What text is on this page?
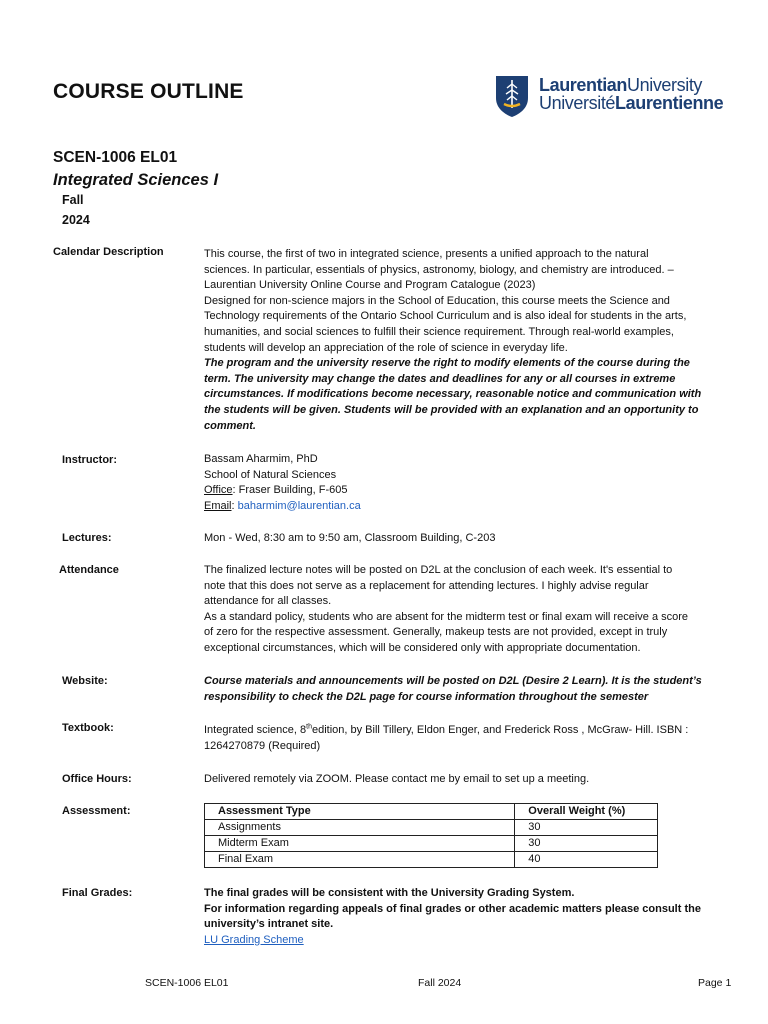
COURSE OUTLINE	LaurentianUniversity
UniversitéLaurentienne
SCEN-1006 EL01
Integrated Sciences I
Fall
2024
Calendar Description	This course, the first of two in integrated science, presents a unified approach to the natural

sciences. In particular, essentials of physics, astronomy, biology, and chemistry are introduced. –

Laurentian University Online Course and Program Catalogue (2023)

Designed for non-science majors in the School of Education, this course meets the Science and

Technology requirements of the Ontario School Curriculum and is also ideal for students in the arts,

humanities, and social sciences to fulfill their science requirement. Through real-world examples,

students will develop an appreciation of the role of science in everyday life.

The program and the university reserve the right to modify elements of the course during the

term. The university may change the dates and deadlines for any or all courses in extreme

circumstances. If modifications become necessary, reasonable notice and communication with

the students will be given. Students will be provided with an explanation and an opportunity to

comment.

Instructor:	Bassam Aharmim, PhD

School of Natural Sciences

Office: Fraser Building, F-605

Email: baharmim@laurentian.ca

Lectures:	Mon - Wed, 8:30 am to 9:50 am, Classroom Building, C-203
Attendance	The finalized lecture notes will be posted on D2L at the conclusion of each week. It's essential to

note that this does not serve as a replacement for attending lectures. I highly advise regular

attendance for all classes.

As a standard policy, students who are absent for the midterm test or final exam will receive a score

of zero for the respective assessment. Generally, makeup tests are not provided, except in truly

exceptional circumstances, which will be considered only with appropriate documentation.

Website:	Course materials and announcements will be posted on D2L (Desire 2 Learn). It is the student’s

responsibility to check the D2L page for course information throughout the semester

Textbook:	Integrated science, 8thedition, by Bill Tillery, Eldon Enger, and Frederick Ross , McGraw- Hill. ISBN :

1264270879 (Required)

Office Hours:	Delivered remotely via ZOOM. Please contact me by email to set up a meeting.
Assessment:	Assessment Type	Overall Weight (%)
Assignments	30
Midterm Exam	30
Final Exam	40
Final Grades:	The final grades will be consistent with the University Grading System.

For information regarding appeals of final grades or other academic matters please consult the

university’s intranet site.

LU Grading Scheme

SCEN-1006 EL01	Fall 2024	Page 1
